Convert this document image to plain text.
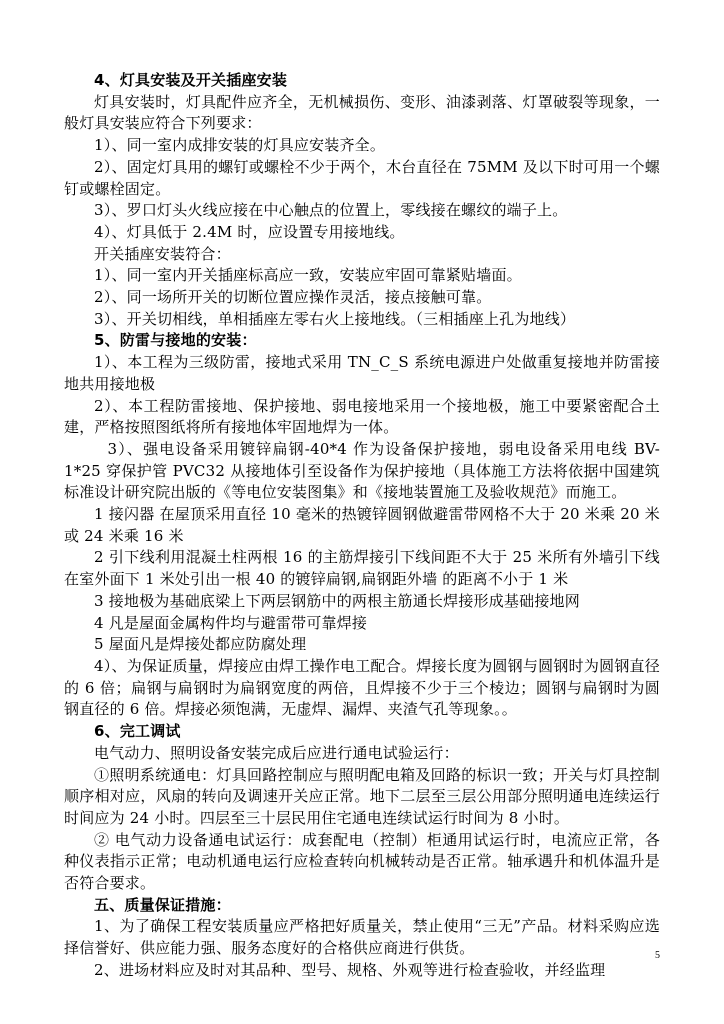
4、灯具安装及开关插座安装

灯具安装时，灯具配件应齐全，无机械损伤、变形、油漆剥落、灯罩破裂等现象，一般灯具安装应符合下列要求：

1）、同一室内成排安装的灯具应安装齐全。

2）、固定灯具用的螺钉或螺栓不少于两个，木台直径在 75MM 及以下时可用一个螺钉或螺栓固定。

3）、罗口灯头火线应接在中心触点的位置上，零线接在螺纹的端子上。

4）、灯具低于 2.4M 时，应设置专用接地线。

开关插座安装符合：

1）、同一室内开关插座标高应一致，安装应牢固可靠紧贴墙面。

2）、同一场所开关的切断位置应操作灵活，接点接触可靠。

3）、开关切相线，单相插座左零右火上接地线。（三相插座上孔为地线）

5、防雷与接地的安装：

1）、本工程为三级防雷，接地式采用 TN_C_S 系统电源进户处做重复接地并防雷接地共用接地极

2）、本工程防雷接地、保护接地、弱电接地采用一个接地极，施工中要紧密配合土建，严格按照图纸将所有接地体牢固地焊为一体。

3）、强电设备采用镀锌扁钢-40*4 作为设备保护接地，弱电设备采用电线 BV-1*25 穿保护管 PVC32 从接地体引至设备作为保护接地（具体施工方法将依据中国建筑标准设计研究院出版的《等电位安装图集》和《接地装置施工及验收规范》而施工。

1 接闪器 在屋顶采用直径 10 毫米的热镀锌圆钢做避雷带网格不大于 20 米乘 20 米或 24 米乘 16 米

2 引下线利用混凝土柱两根 16 的主筋焊接引下线间距不大于 25 米所有外墙引下线在室外面下 1 米处引出一根 40 的镀锌扁钢,扁钢距外墙 的距离不小于 1 米

3 接地极为基础底梁上下两层钢筋中的两根主筋通长焊接形成基础接地网

4 凡是屋面金属构件均与避雷带可靠焊接

5 屋面凡是焊接处都应防腐处理

4）、为保证质量，焊接应由焊工操作电工配合。焊接长度为圆钢与圆钢时为圆钢直径的 6 倍；扁钢与扁钢时为扁钢宽度的两倍，且焊接不少于三个棱边；圆钢与扁钢时为圆钢直径的 6 倍。焊接必须饱满，无虚焊、漏焊、夹渣气孔等现象。。

6、完工调试

电气动力、照明设备安装完成后应进行通电试验运行：

①照明系统通电：灯具回路控制应与照明配电箱及回路的标识一致；开关与灯具控制顺序相对应，风扇的转向及调速开关应正常。地下二层至三层公用部分照明通电连续运行时间应为 24 小时。四层至三十层民用住宅通电连续试运行时间为 8 小时。

② 电气动力设备通电试运行：成套配电（控制）柜通用试运行时，电流应正常，各种仪表指示正常；电动机通电运行应检查转向机械转动是否正常。轴承遇升和机体温升是否符合要求。

五、质量保证措施：

1、为了确保工程安装质量应严格把好质量关，禁止使用“三无”产品。材料采购应选择信誉好、供应能力强、服务态度好的合格供应商进行供货。

2、进场材料应及时对其品种、型号、规格、外观等进行检查验收，并经监理

5
